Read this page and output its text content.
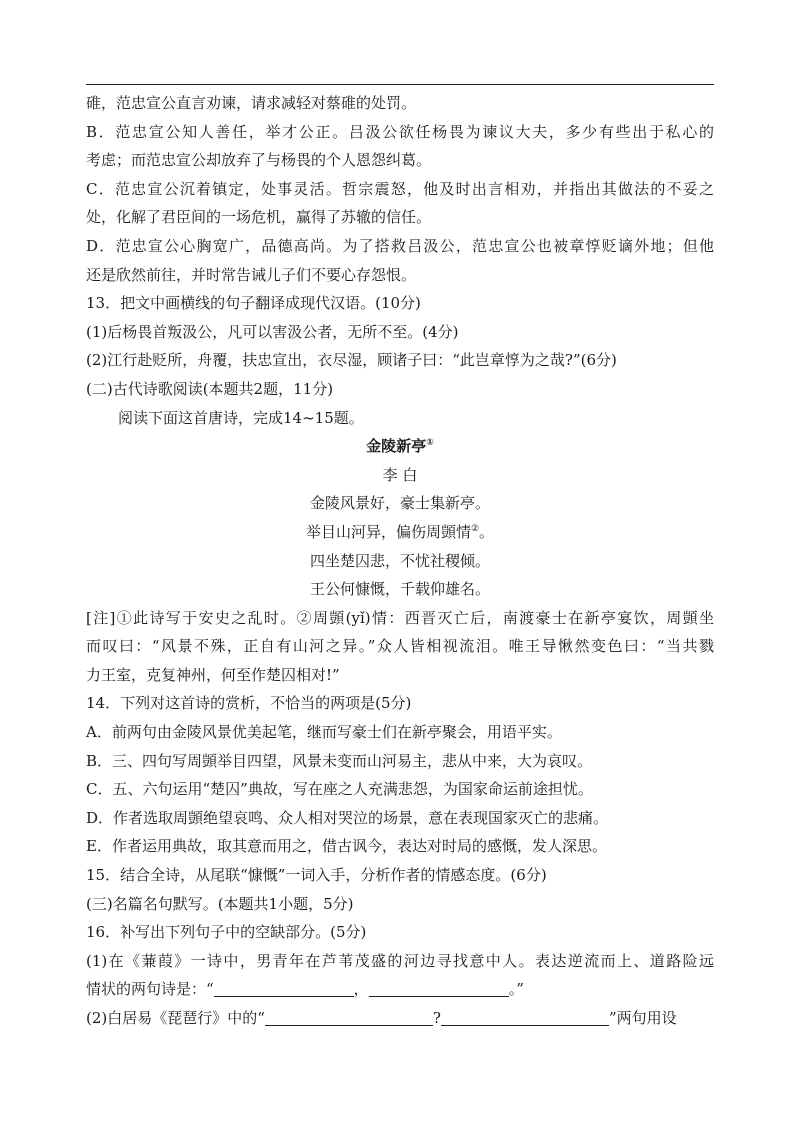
碓，范忠宣公直言劝谏，请求减轻对蔡碓的处罚。
B．范忠宣公知人善任，举才公正。吕汲公欲任杨畏为谏议大夫，多少有些出于私心的
考虑；而范忠宣公却放弃了与杨畏的个人恩怨纠葛。
C．范忠宣公沉着镇定，处事灵活。哲宗震怒，他及时出言相劝，并指出其做法的不妥之
处，化解了君臣间的一场危机，赢得了苏辙的信任。
D．范忠宣公心胸宽广，品德高尚。为了搭救吕汲公，范忠宣公也被章惇贬谪外地；但他
还是欣然前往，并时常告诫儿子们不要心存怨恨。
13．把文中画横线的句子翻译成现代汉语。(10分)
(1)后杨畏首叛汲公，凡可以害汲公者，无所不至。(4分)
(2)江行赴贬所，舟覆，扶忠宣出，衣尽湿，顾诸子曰：“此岂章惇为之哉?”(6分)
(二)古代诗歌阅读(本题共2题，11分)
阅读下面这首唐诗，完成14~15题。
金陵新亭①
李 白
金陵风景好，豪士集新亭。
举目山河异，偏伤周顗情②。
四坐楚囚悲，不忧社稷倾。
王公何慷慨，千载仰雄名。
[注]①此诗写于安史之乱时。②周顗(yǐ)情：西晋灭亡后，南渡豪士在新亭宴饮，周顗坐
而叹曰：“风景不殊，正自有山河之异。”众人皆相视流泪。唯王导愀然变色曰：“当共戮
力王室，克复神州，何至作楚囚相对!”
14．下列对这首诗的赏析，不恰当的两项是(5分)
A．前两句由金陵风景优美起笔，继而写豪士们在新亭聚会，用语平实。
B．三、四句写周顗举目四望，风景未变而山河易主，悲从中来，大为哀叹。
C．五、六句运用“楚囚”典故，写在座之人充满悲怨，为国家命运前途担忧。
D．作者选取周顗绝望哀鸣、众人相对哭泣的场景，意在表现国家灭亡的悲痛。
E．作者运用典故，取其意而用之，借古讽今，表达对时局的感慨，发人深思。
15．结合全诗，从尾联“慷慨”一词入手，分析作者的情感态度。(6分)
(三)名篇名句默写。(本题共1小题，5分)
16．补写出下列句子中的空缺部分。(5分)
(1)在《蒹葭》一诗中，男青年在芦苇茂盛的河边寻找意中人。表达逆流而上、道路险远
情状的两句诗是：“	，	。”
(2)白居易《琵琶行》中的“	?	”两句用设
